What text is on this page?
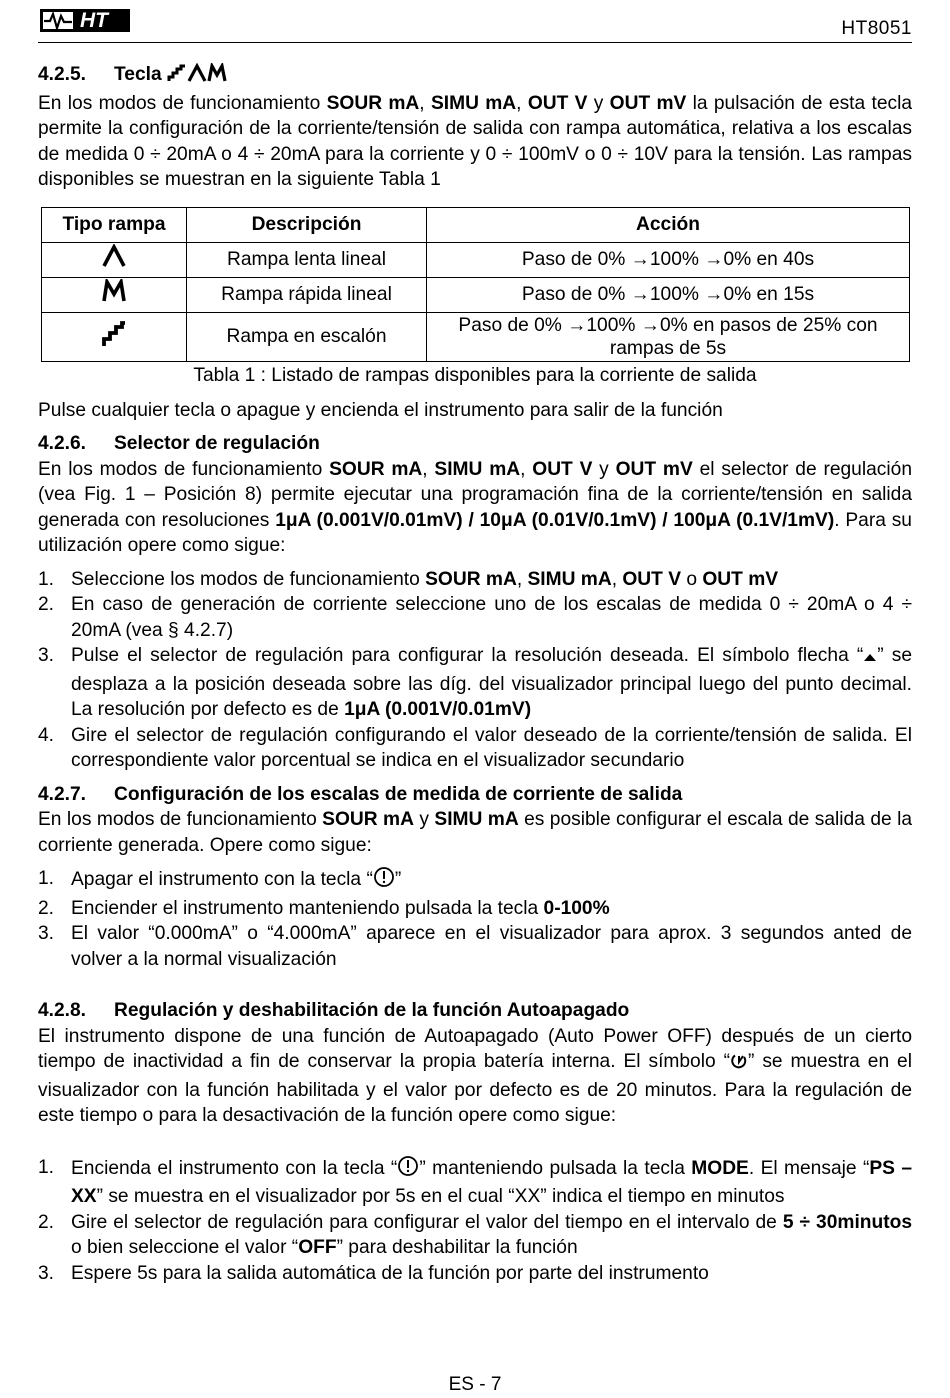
HT	HT8051

4.2.5. Tecla

En los modos de funcionamiento SOUR mA, SIMU mA, OUT V y OUT mV la pulsación de esta tecla permite la configuración de la corriente/tensión de salida con rampa automática, relativa a los escalas de medida 0 ÷ 20mA o 4 ÷ 20mA para la corriente y 0 ÷ 100mV o 0 ÷ 10V para la tensión. Las rampas disponibles se muestran en la siguiente Tabla 1

Tipo rampa	Descripción	Acción
	Rampa lenta lineal	Paso de 0% →100% →0% en 40s
	Rampa rápida lineal	Paso de 0% →100% →0% en 15s
	Rampa en escalón	Paso de 0% →100% →0% en pasos de 25% con rampas de 5s
Tabla 1 : Listado de rampas disponibles para la corriente de salida

Pulse cualquier tecla o apague y encienda el instrumento para salir de la función

4.2.6. Selector de regulación

En los modos de funcionamiento SOUR mA, SIMU mA, OUT V y OUT mV el selector de regulación (vea Fig. 1 – Posición 8) permite ejecutar una programación fina de la corriente/tensión en salida generada con resoluciones 1μA (0.001V/0.01mV) / 10μA (0.01V/0.1mV) / 100μA (0.1V/1mV). Para su utilización opere como sigue:

1. Seleccione los modos de funcionamiento SOUR mA, SIMU mA, OUT V o OUT mV
2. En caso de generación de corriente seleccione uno de los escalas de medida 0 ÷ 20mA o 4 ÷ 20mA (vea § 4.2.7)
3. Pulse el selector de regulación para configurar la resolución deseada. El símbolo flecha “ ” se desplaza a la posición deseada sobre las díg. del visualizador principal luego del punto decimal. La resolución por defecto es de 1μA (0.001V/0.01mV)
4. Gire el selector de regulación configurando el valor deseado de la corriente/tensión de salida. El correspondiente valor porcentual se indica en el visualizador secundario

4.2.7. Configuración de los escalas de medida de corriente de salida

En los modos de funcionamiento SOUR mA y SIMU mA es posible configurar el escala de salida de la corriente generada. Opere como sigue:

1. Apagar el instrumento con la tecla “ ”
2. Enciender el instrumento manteniendo pulsada la tecla 0-100%
3. El valor “0.000mA” o “4.000mA” aparece en el visualizador para aprox. 3 segundos anted de volver a la normal visualización

4.2.8. Regulación y deshabilitación de la función Autoapagado

El instrumento dispone de una función de Autoapagado (Auto Power OFF) después de un cierto tiempo de inactividad a fin de conservar la propia batería interna. El símbolo “ ” se muestra en el visualizador con la función habilitada y el valor por defecto es de 20 minutos. Para la regulación de este tiempo o para la desactivación de la función opere como sigue:

1. Encienda el instrumento con la tecla “ ” manteniendo pulsada la tecla MODE. El mensaje “PS – XX” se muestra en el visualizador por 5s en el cual “XX” indica el tiempo en minutos
2. Gire el selector de regulación para configurar el valor del tiempo en el intervalo de 5 ÷ 30minutos o bien seleccione el valor “OFF” para deshabilitar la función
3. Espere 5s para la salida automática de la función por parte del instrumento
ES - 7
